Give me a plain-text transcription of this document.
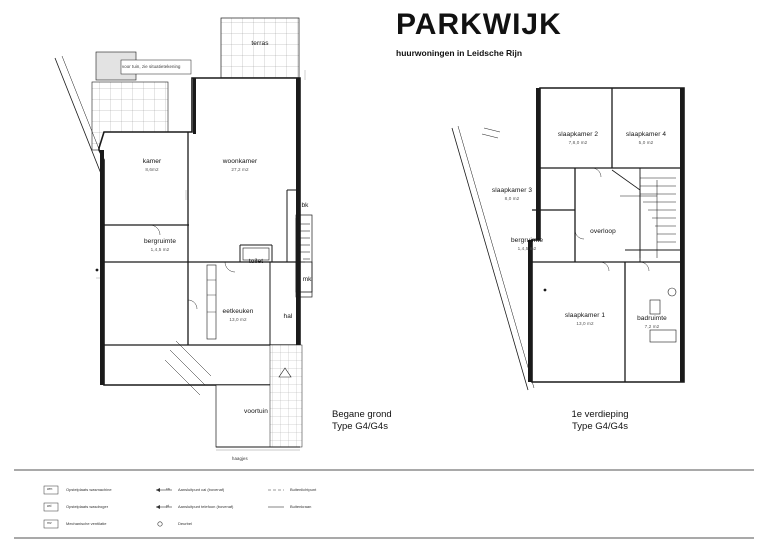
PARKWIJK
huurwoningen in Leidsche Rijn
terras
voor tuin, zie situatietekening
kamer
8,6m2
woonkamer
27,2 m2
bergruimte
1,4,5 m2
bk
toilet
mk
eetkeuken
13,0 m2	hal
voortuin
haagjes
Begane grond
Type G4/G4s
slaapkamer 2
7,8,0 m2
slaapkamer 4
5,0 m2
slaapkamer 3
8,0 m2
overloop
bergruimte
1,4,5 m2
slaapkamer 1
13,0 m2
badruimte
7,2 m2
1e verdieping
Type G4/G4s
Opstelplaats wasmachine
Opstelplaats wasdroger
Mechanische ventilatie
wm
wd
mv
Aansluitpunt cai (bovenaf)
Aansluitpunt telefoon (bovenaf)
Deurbel
ca
pt
Buitenlichtpunt
Buitenkraan
